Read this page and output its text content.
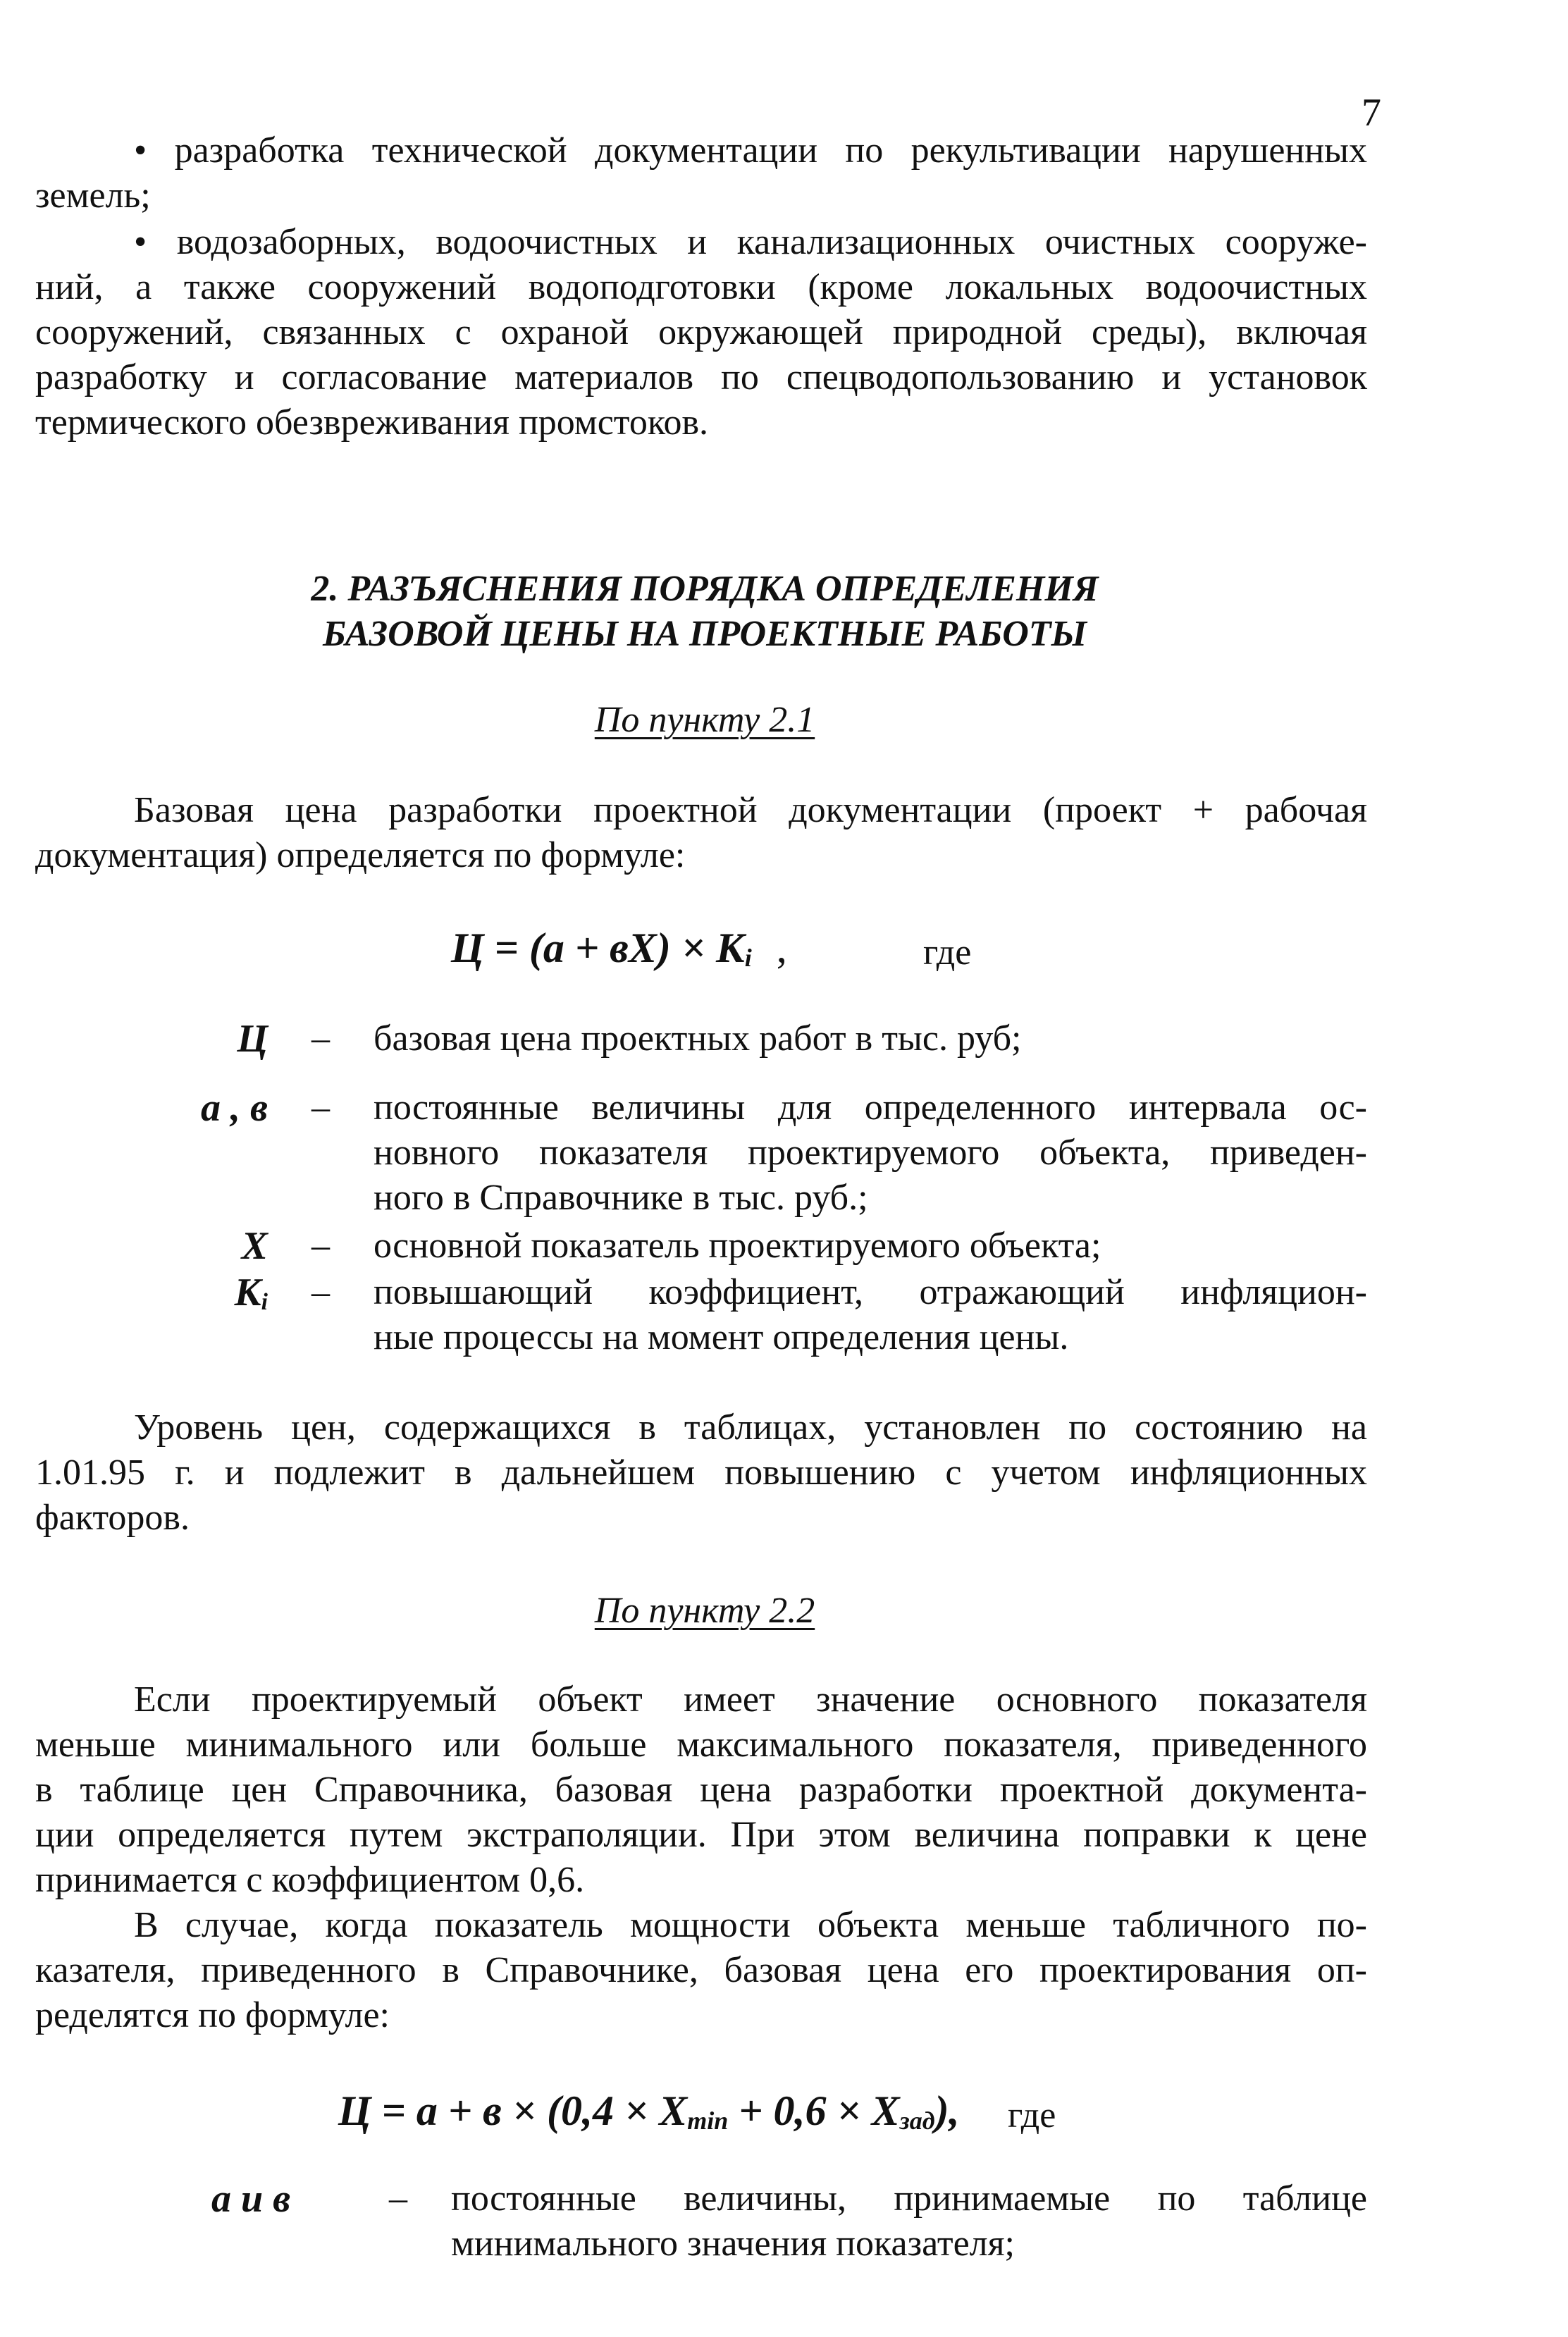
7
• разработка технической документации по рекультивации нарушенных
земель;
• водозаборных, водоочистных и канализационных очистных сооруже-
ний, а также сооружений водоподготовки (кроме локальных водоочистных
сооружений, связанных с охраной окружающей природной среды), включая
разработку и согласование материалов по спецводопользованию и установок
термического обезвреживания промстоков.
2. РАЗЪЯСНЕНИЯ ПОРЯДКА ОПРЕДЕЛЕНИЯ
БАЗОВОЙ ЦЕНЫ НА ПРОЕКТНЫЕ РАБОТЫ
По пункту 2.1
Базовая цена разработки проектной документации (проект + рабочая
документация) определяется по формуле:
$Ц = (а + вХ) \times К_i$ ,	где
Ц	–	базовая цена проектных работ в тыс. руб;
а , в	–	постоянные величины для определенного интервала ос-
новного показателя проектируемого объекта, приведен-
ного в Справочнике в тыс. руб.;
Х	–	основной показатель проектируемого объекта;
$К_i$	–	повышающий коэффициент, отражающий инфляцион-
ные процессы на момент определения цены.
Уровень цен, содержащихся в таблицах, установлен по состоянию на
1.01.95 г. и подлежит в дальнейшем повышению с учетом инфляционных
факторов.
По пункту 2.2
Если проектируемый объект имеет значение основного показателя
меньше минимального или больше максимального показателя, приведенного
в таблице цен Справочника, базовая цена разработки проектной документа-
ции определяется путем экстраполяции. При этом величина поправки к цене
принимается с коэффициентом 0,6.
В случае, когда показатель мощности объекта меньше табличного по-
казателя, приведенного в Справочнике, базовая цена его проектирования оп-
ределятся по формуле:
$Ц = а + в \times (0,4 \times Х_{min} + 0,6 \times Х_{зад})$, где
а и в	–	постоянные величины, принимаемые по таблице
минимального значения показателя;
